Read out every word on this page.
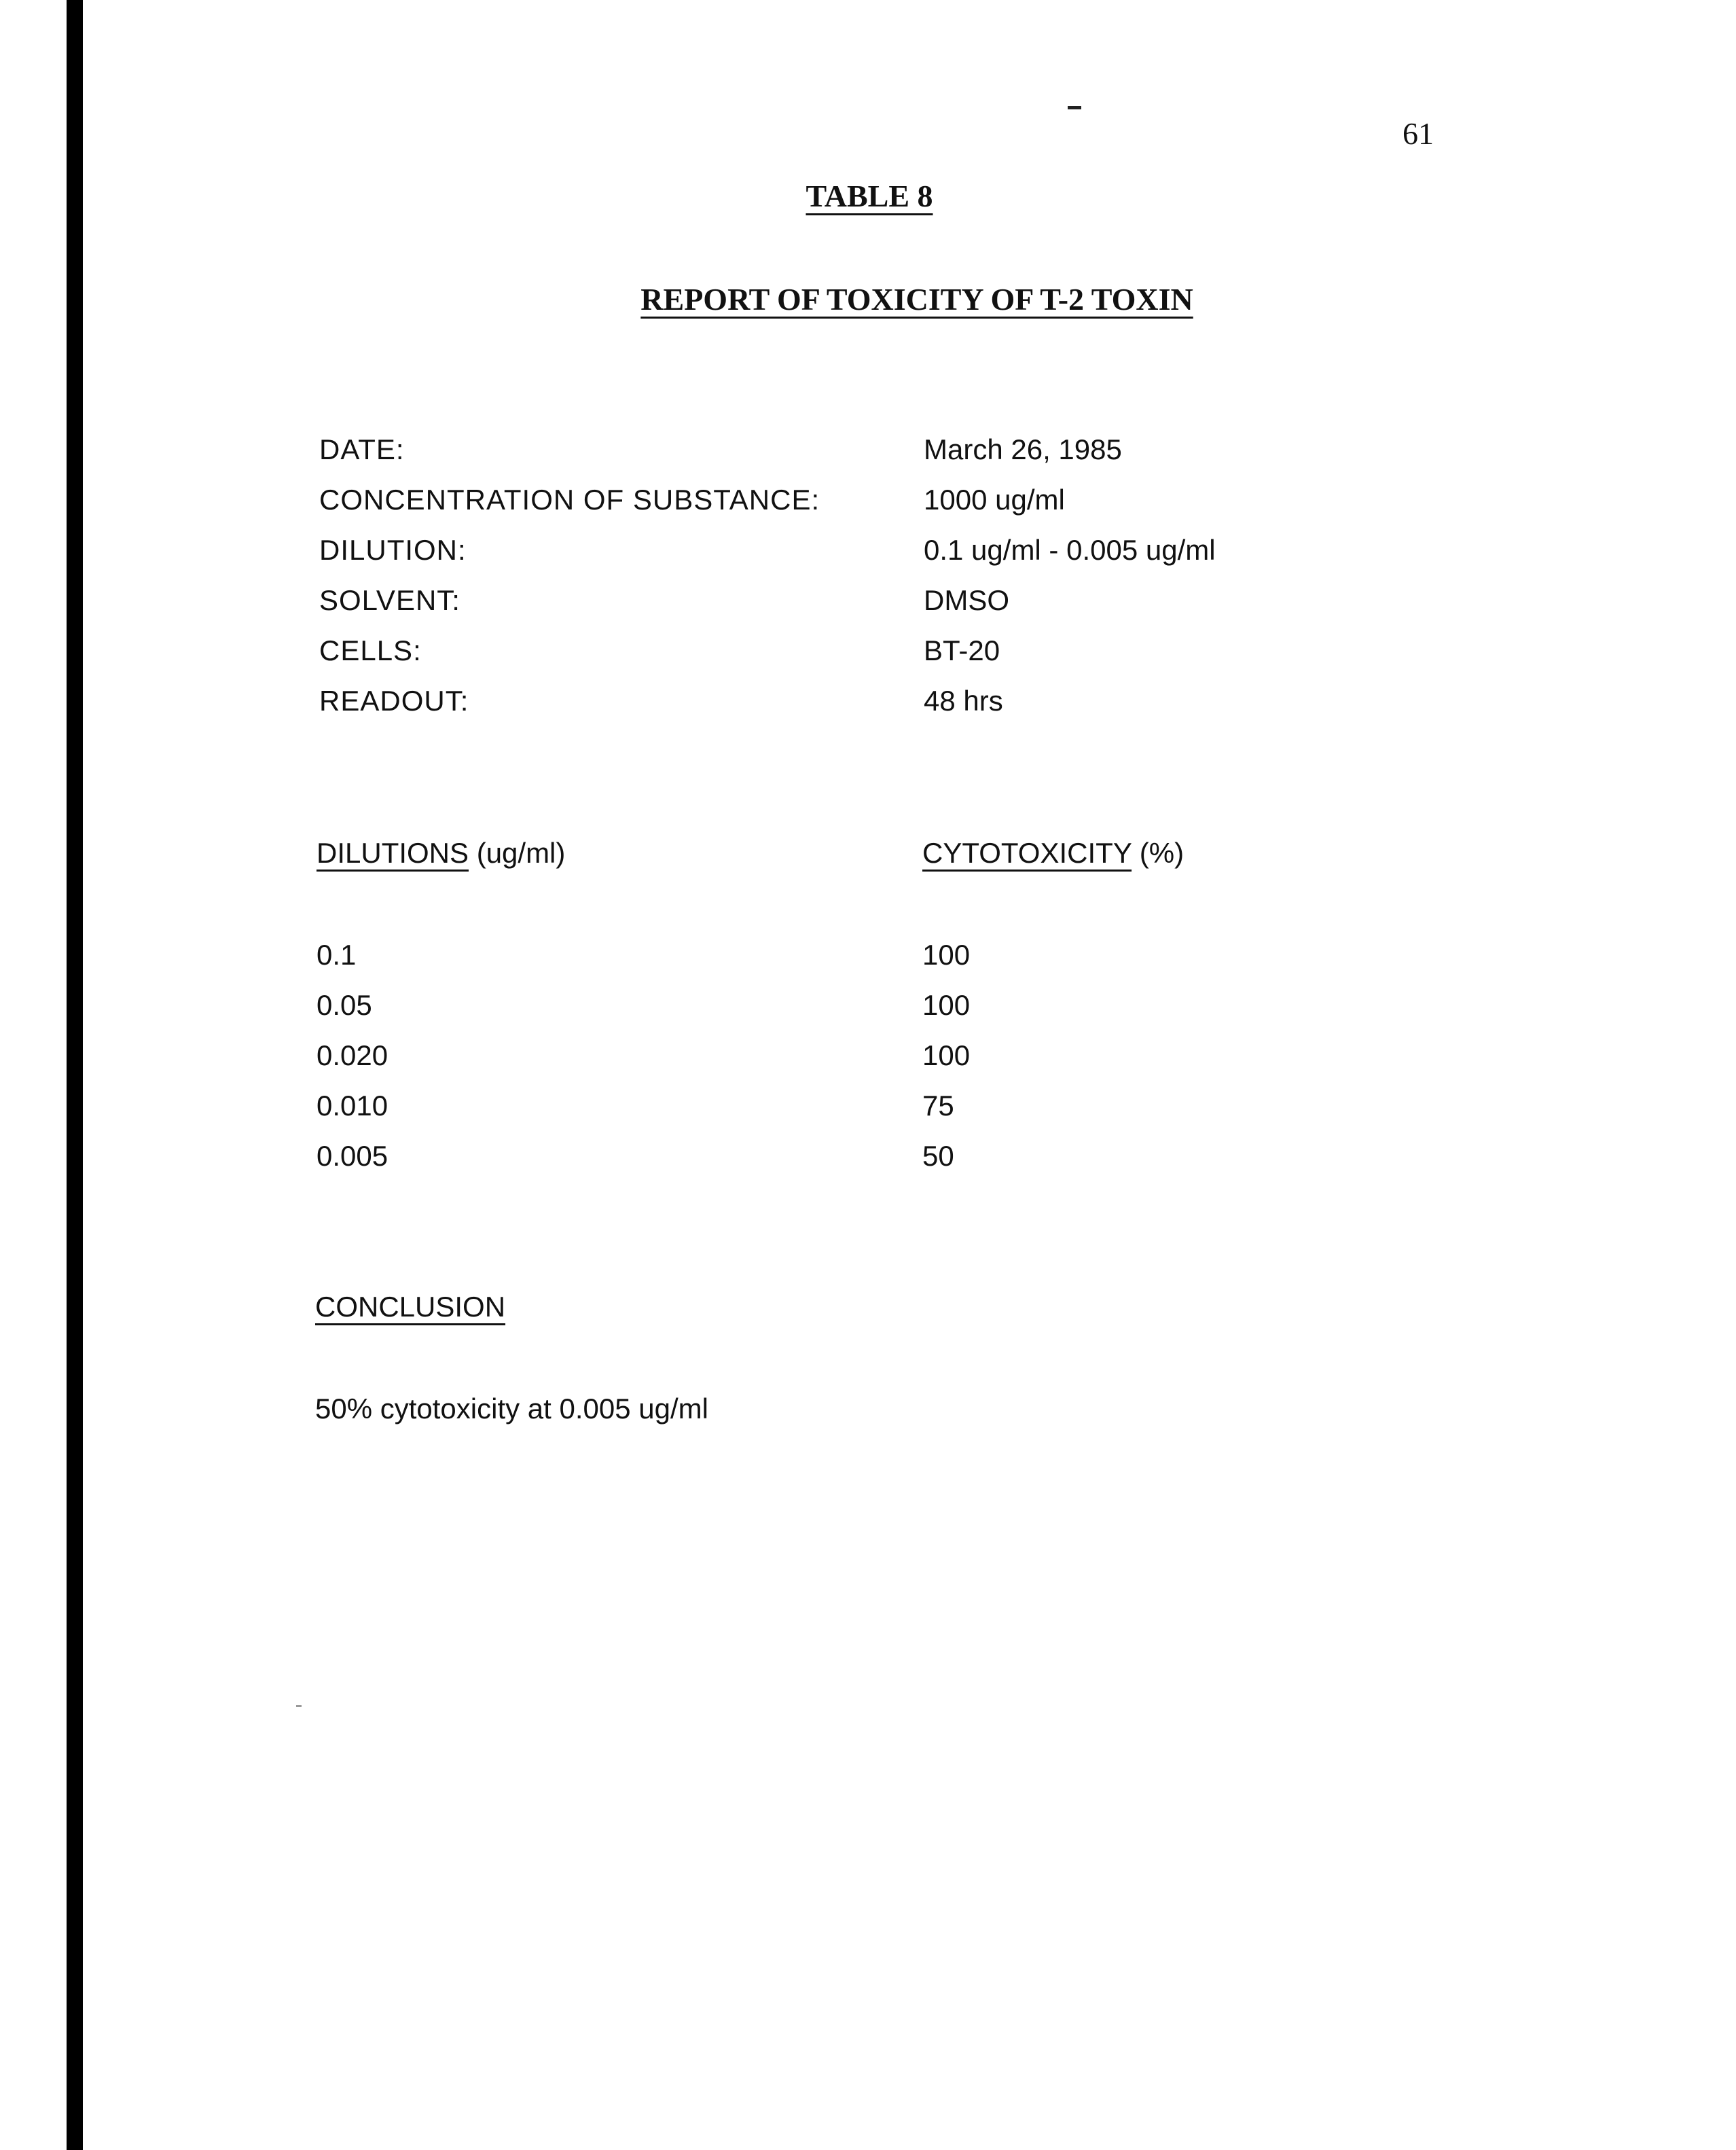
61
TABLE 8
REPORT OF TOXICITY OF T-2 TOXIN
DATE:	March 26, 1985
CONCENTRATION OF SUBSTANCE:	1000 ug/ml
DILUTION:	0.1 ug/ml - 0.005 ug/ml
SOLVENT:	DMSO
CELLS:	BT-20
READOUT:	48 hrs
DILUTIONS (ug/ml)	CYTOTOXICITY (%)
0.1	100
0.05	100
0.020	100
0.010	75
0.005	50
CONCLUSION
50% cytotoxicity at 0.005 ug/ml
